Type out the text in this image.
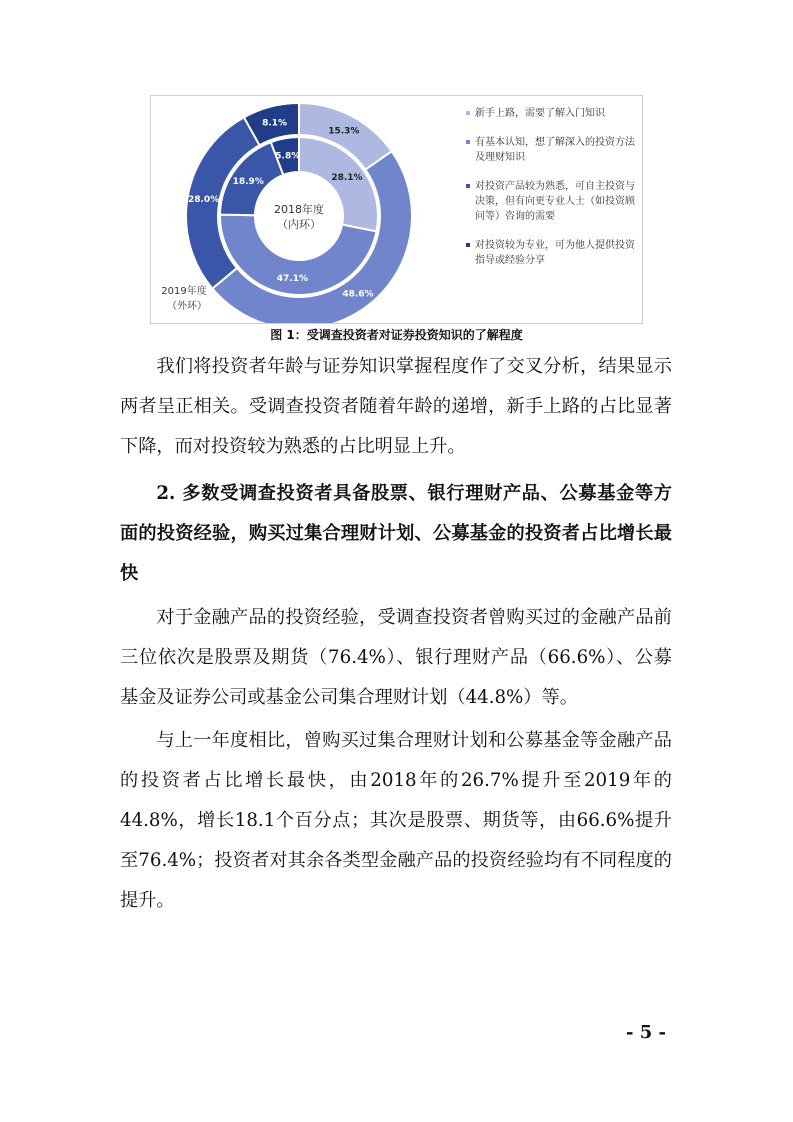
28.1%
47.1%
18.9%
5.8%
15.3%
48.6%
28.0%
8.1%
2018年度
（内环）
2019年度
（外环）
新手上路，需要了解入门知识
有基本认知，想了解深入的投资方法及理财知识
对投资产品较为熟悉，可自主投资与决策，但有向更专业人士（如投资顾问等）咨询的需要
对投资较为专业，可为他人提供投资指导或经验分享
图 1：受调查投资者对证券投资知识的了解程度

我们将投资者年龄与证券知识掌握程度作了交叉分析，结果显示两者呈正相关。受调查投资者随着年龄的递增，新手上路的占比显著下降，而对投资较为熟悉的占比明显上升。

2. 多数受调查投资者具备股票、银行理财产品、公募基金等方面的投资经验，购买过集合理财计划、公募基金的投资者占比增长最快

对于金融产品的投资经验，受调查投资者曾购买过的金融产品前三位依次是股票及期货（76.4%）、银行理财产品（66.6%）、公募基金及证券公司或基金公司集合理财计划（44.8%）等。

与上一年度相比，曾购买过集合理财计划和公募基金等金融产品的投资者占比增长最快，由2018年的26.7%提升至2019年的44.8%，增长18.1个百分点；其次是股票、期货等，由66.6%提升至76.4%；投资者对其余各类型金融产品的投资经验均有不同程度的提升。

- 5 -
